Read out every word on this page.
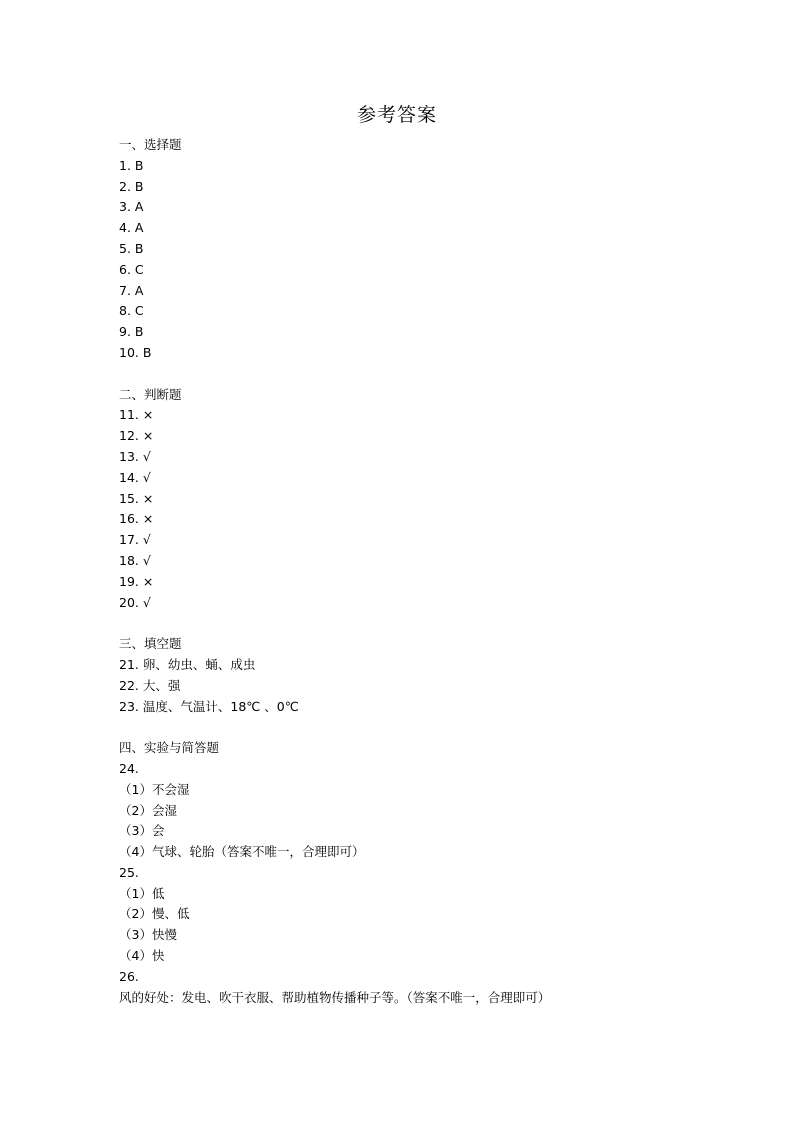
参考答案
一、选择题
1. B
2. B
3. A
4. A
5. B
6. C
7. A
8. C
9. B
10. B
二、判断题
11. ×
12. ×
13. √
14. √
15. ×
16. ×
17. √
18. √
19. ×
20. √
三、填空题
21. 卵、幼虫、蛹、成虫
22. 大、强
23. 温度、气温计、18℃ 、0℃
四、实验与简答题
24.
（1）不会湿
（2）会湿
（3）会
（4）气球、轮胎（答案不唯一，合理即可）
25.
（1）低
（2）慢、低
（3）快慢
（4）快
26.
风的好处：发电、吹干衣服、帮助植物传播种子等。（答案不唯一，合理即可）
